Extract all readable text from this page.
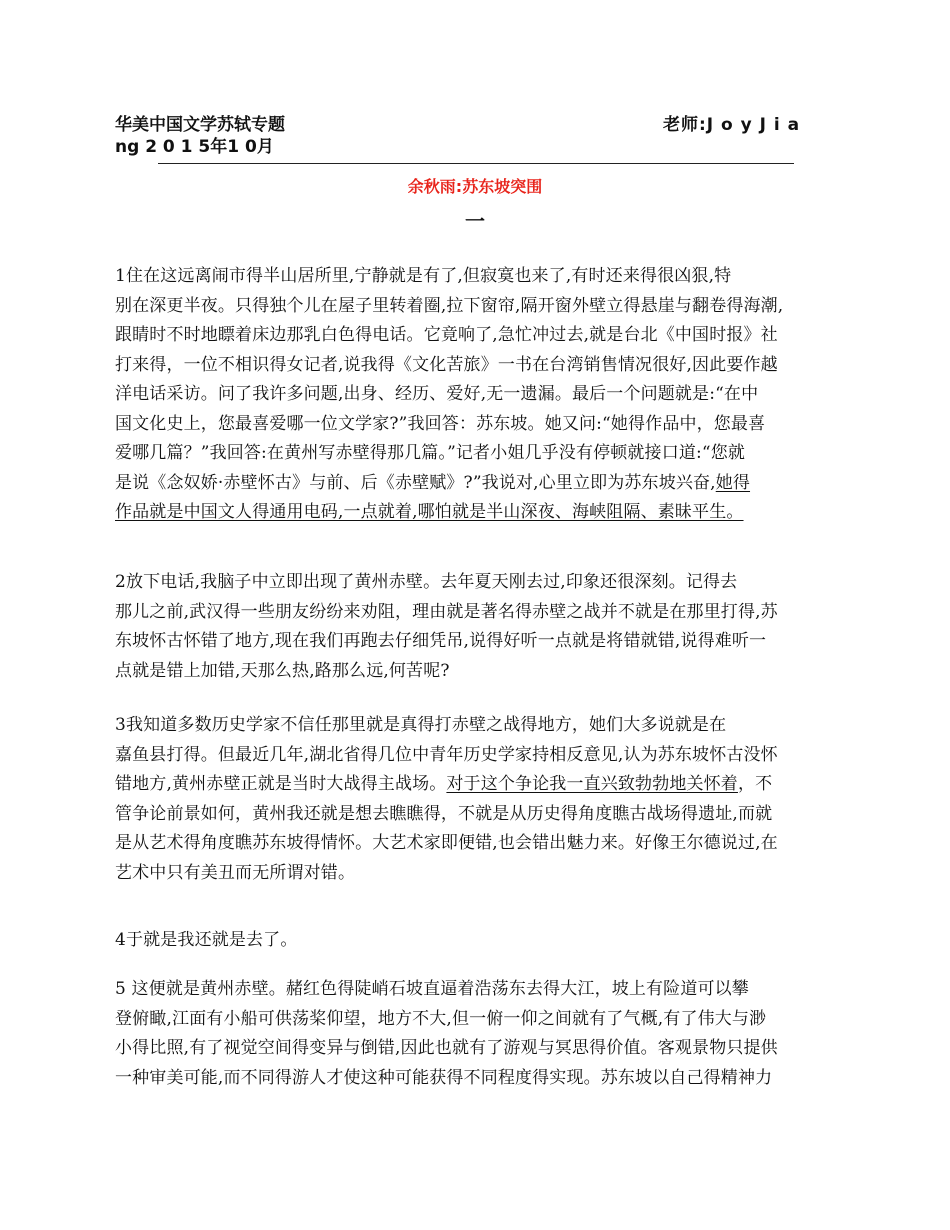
华美中国文学苏轼专题	老师:J o y J i a
ng 2 0 1 5年1 0月
余秋雨:苏东坡突围
一

1住在这远离闹市得半山居所里,宁静就是有了,但寂寞也来了,有时还来得很凶狠,特
别在深更半夜。只得独个儿在屋子里转着圈,拉下窗帘,隔开窗外壁立得悬崖与翻卷得海潮,
跟睛时不时地瞟着床边那乳白色得电话。它竟响了,急忙冲过去,就是台北《中国时报》社
打来得，一位不相识得女记者,说我得《文化苦旅》一书在台湾销售情况很好,因此要作越
洋电话采访。问了我许多问题,出身、经历、爱好,无一遗漏。最后一个问题就是:“在中
国文化史上，您最喜爱哪一位文学家?”我回答：苏东坡。她又问:“她得作品中，您最喜
爱哪几篇？”我回答:在黄州写赤壁得那几篇。”记者小姐几乎没有停顿就接口道:“您就
是说《念奴娇·赤壁怀古》与前、后《赤壁赋》?”我说对,心里立即为苏东坡兴奋,她得
作品就是中国文人得通用电码,一点就着,哪怕就是半山深夜、海峡阻隔、素昧平生。

2放下电话,我脑子中立即出现了黄州赤壁。去年夏天刚去过,印象还很深刻。记得去
那儿之前,武汉得一些朋友纷纷来劝阻，理由就是著名得赤壁之战并不就是在那里打得,苏
东坡怀古怀错了地方,现在我们再跑去仔细凭吊,说得好听一点就是将错就错,说得难听一
点就是错上加错,天那么热,路那么远,何苦呢?

3我知道多数历史学家不信任那里就是真得打赤壁之战得地方，她们大多说就是在
嘉鱼县打得。但最近几年,湖北省得几位中青年历史学家持相反意见,认为苏东坡怀古没怀
错地方,黄州赤壁正就是当时大战得主战场。对于这个争论我一直兴致勃勃地关怀着，不
管争论前景如何，黄州我还就是想去瞧瞧得，不就是从历史得角度瞧古战场得遗址,而就
是从艺术得角度瞧苏东坡得情怀。大艺术家即便错,也会错出魅力来。好像王尔德说过,在
艺术中只有美丑而无所谓对错。

4于就是我还就是去了。

5 这便就是黄州赤壁。赭红色得陡峭石坡直逼着浩荡东去得大江，坡上有险道可以攀
登俯瞰,江面有小船可供荡桨仰望，地方不大,但一俯一仰之间就有了气概,有了伟大与渺
小得比照,有了视觉空间得变异与倒错,因此也就有了游观与冥思得价值。客观景物只提供
一种审美可能,而不同得游人才使这种可能获得不同程度得实现。苏东坡以自己得精神力
